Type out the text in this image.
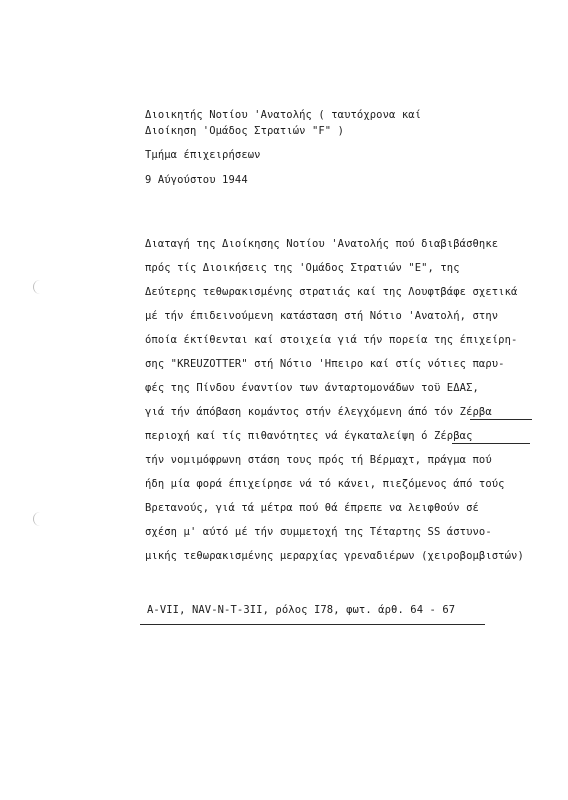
Διοικητής Νοτίου 'Ανατολής ( ταυτόχρονα καί
Διοίκηση 'Ομάδος Στρατιών "F" )
Τμήμα έπιχειρήσεων
9 Αύγούστου 1944
Διαταγή της Διοίκησης Νοτίου 'Ανατολής πού διαβιβάσθηκε
πρός τίς Διοικήσεις της 'Ομάδος Στρατιών "E", της
Δεύτερης τεθωρακισμένης στρατιάς καί της Λουφτβάφε σχετικά
μέ τήν έπιδεινούμενη κατάσταση στή Νότιο 'Ανατολή, στην
όποία έκτίθενται καί στοιχεία γιά τήν πορεία της έπιχείρη-
σης "KREUZOTTER" στή Νότιο 'Ηπειρο καί στίς νότιες παρυ-
φές της Πίνδου έναντίον των άνταρτομονάδων τοϋ ΕΔΑΣ,
γιά τήν άπόβαση κομάντος στήν έλεγχόμενη άπό τόν Ζέρβα
περιοχή καί τίς πιθανότητες νά έγκαταλείψη ό Ζέρβας
τήν νομιμόφρωνη στάση τους πρός τή Βέρμαχτ, πράγμα πού
ήδη μία φορά έπιχείρησε νά τό κάνει, πιεζόμενος άπό τούς
Βρετανούς, γιά τά μέτρα πού θά έπρεπε να λειφθούν σέ
σχέση μ' αύτό μέ τήν συμμετοχή της Τέταρτης SS άστυνο-
μικής τεθωρακισμένης μεραρχίας γρεναδιέρων (χειροβομβιστών)
A-VII, NAV-N-T-3II, ρόλος I78, φωτ. άρθ. 64 - 67
